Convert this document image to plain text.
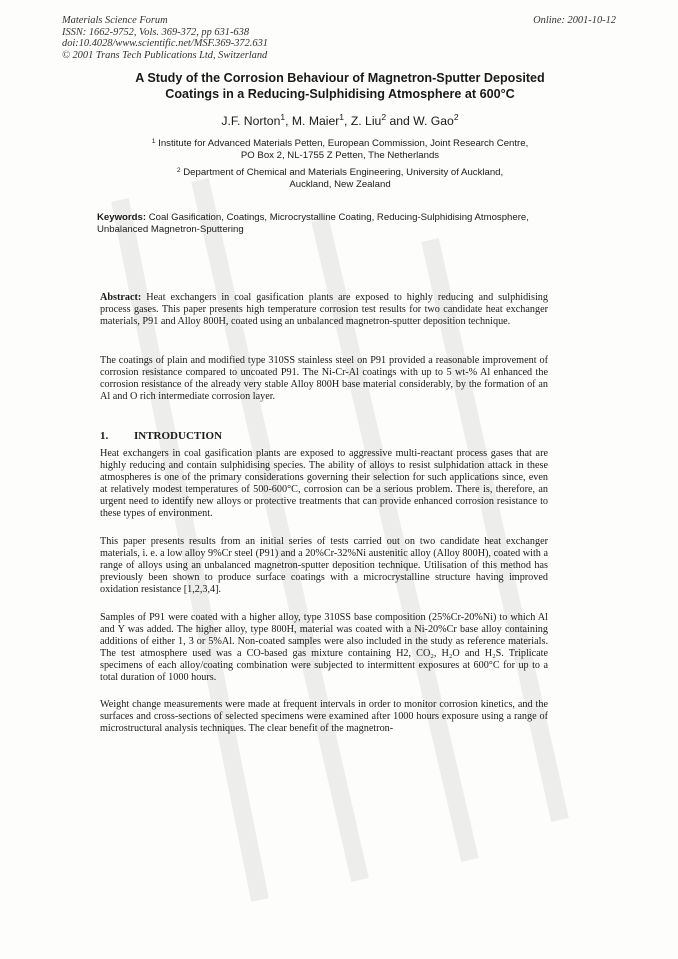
Materials Science Forum
ISSN: 1662-9752, Vols. 369-372, pp 631-638
doi:10.4028/www.scientific.net/MSF.369-372.631
© 2001 Trans Tech Publications Ltd, Switzerland
Online: 2001-10-12
A Study of the Corrosion Behaviour of Magnetron-Sputter Deposited
Coatings in a Reducing-Sulphidising Atmosphere at 600°C
J.F. Norton$^1$, M. Maier$^1$, Z. Liu$^2$ and W. Gao$^2$
$^1$ Institute for Advanced Materials Petten, European Commission, Joint Research Centre,
PO Box 2, NL-1755 Z Petten, The Netherlands
$^2$ Department of Chemical and Materials Engineering, University of Auckland,
Auckland, New Zealand
Keywords: Coal Gasification, Coatings, Microcrystalline Coating, Reducing-Sulphidising Atmosphere, Unbalanced Magnetron-Sputtering
Abstract: Heat exchangers in coal gasification plants are exposed to highly reducing and sulphidising process gases. This paper presents high temperature corrosion test results for two candidate heat exchanger materials, P91 and Alloy 800H, coated using an unbalanced magnetron-sputter deposition technique.
The coatings of plain and modified type 310SS stainless steel on P91 provided a reasonable improvement of corrosion resistance compared to uncoated P91. The Ni-Cr-Al coatings with up to 5 wt-% Al enhanced the corrosion resistance of the already very stable Alloy 800H base material considerably, by the formation of an Al and O rich intermediate corrosion layer.
1. INTRODUCTION
Heat exchangers in coal gasification plants are exposed to aggressive multi-reactant process gases that are highly reducing and contain sulphidising species. The ability of alloys to resist sulphidation attack in these atmospheres is one of the primary considerations governing their selection for such applications since, even at relatively modest temperatures of 500-600°C, corrosion can be a serious problem. There is, therefore, an urgent need to identify new alloys or protective treatments that can provide enhanced corrosion resistance to these types of environment.
This paper presents results from an initial series of tests carried out on two candidate heat exchanger materials, i. e. a low alloy 9%Cr steel (P91) and a 20%Cr-32%Ni austenitic alloy (Alloy 800H), coated with a range of alloys using an unbalanced magnetron-sputter deposition technique. Utilisation of this method has previously been shown to produce surface coatings with a microcrystalline structure having improved oxidation resistance [1,2,3,4].
Samples of P91 were coated with a higher alloy, type 310SS base composition (25%Cr-20%Ni) to which Al and Y was added. The higher alloy, type 800H, material was coated with a Ni-20%Cr base alloy containing additions of either 1, 3 or 5%Al. Non-coated samples were also included in the study as reference materials. The test atmosphere used was a CO-based gas mixture containing H2, CO₂, H₂O and H₂S. Triplicate specimens of each alloy/coating combination were subjected to intermittent exposures at 600°C for up to a total duration of 1000 hours.
Weight change measurements were made at frequent intervals in order to monitor corrosion kinetics, and the surfaces and cross-sections of selected specimens were examined after 1000 hours exposure using a range of microstructural analysis techniques. The clear benefit of the magnetron-
